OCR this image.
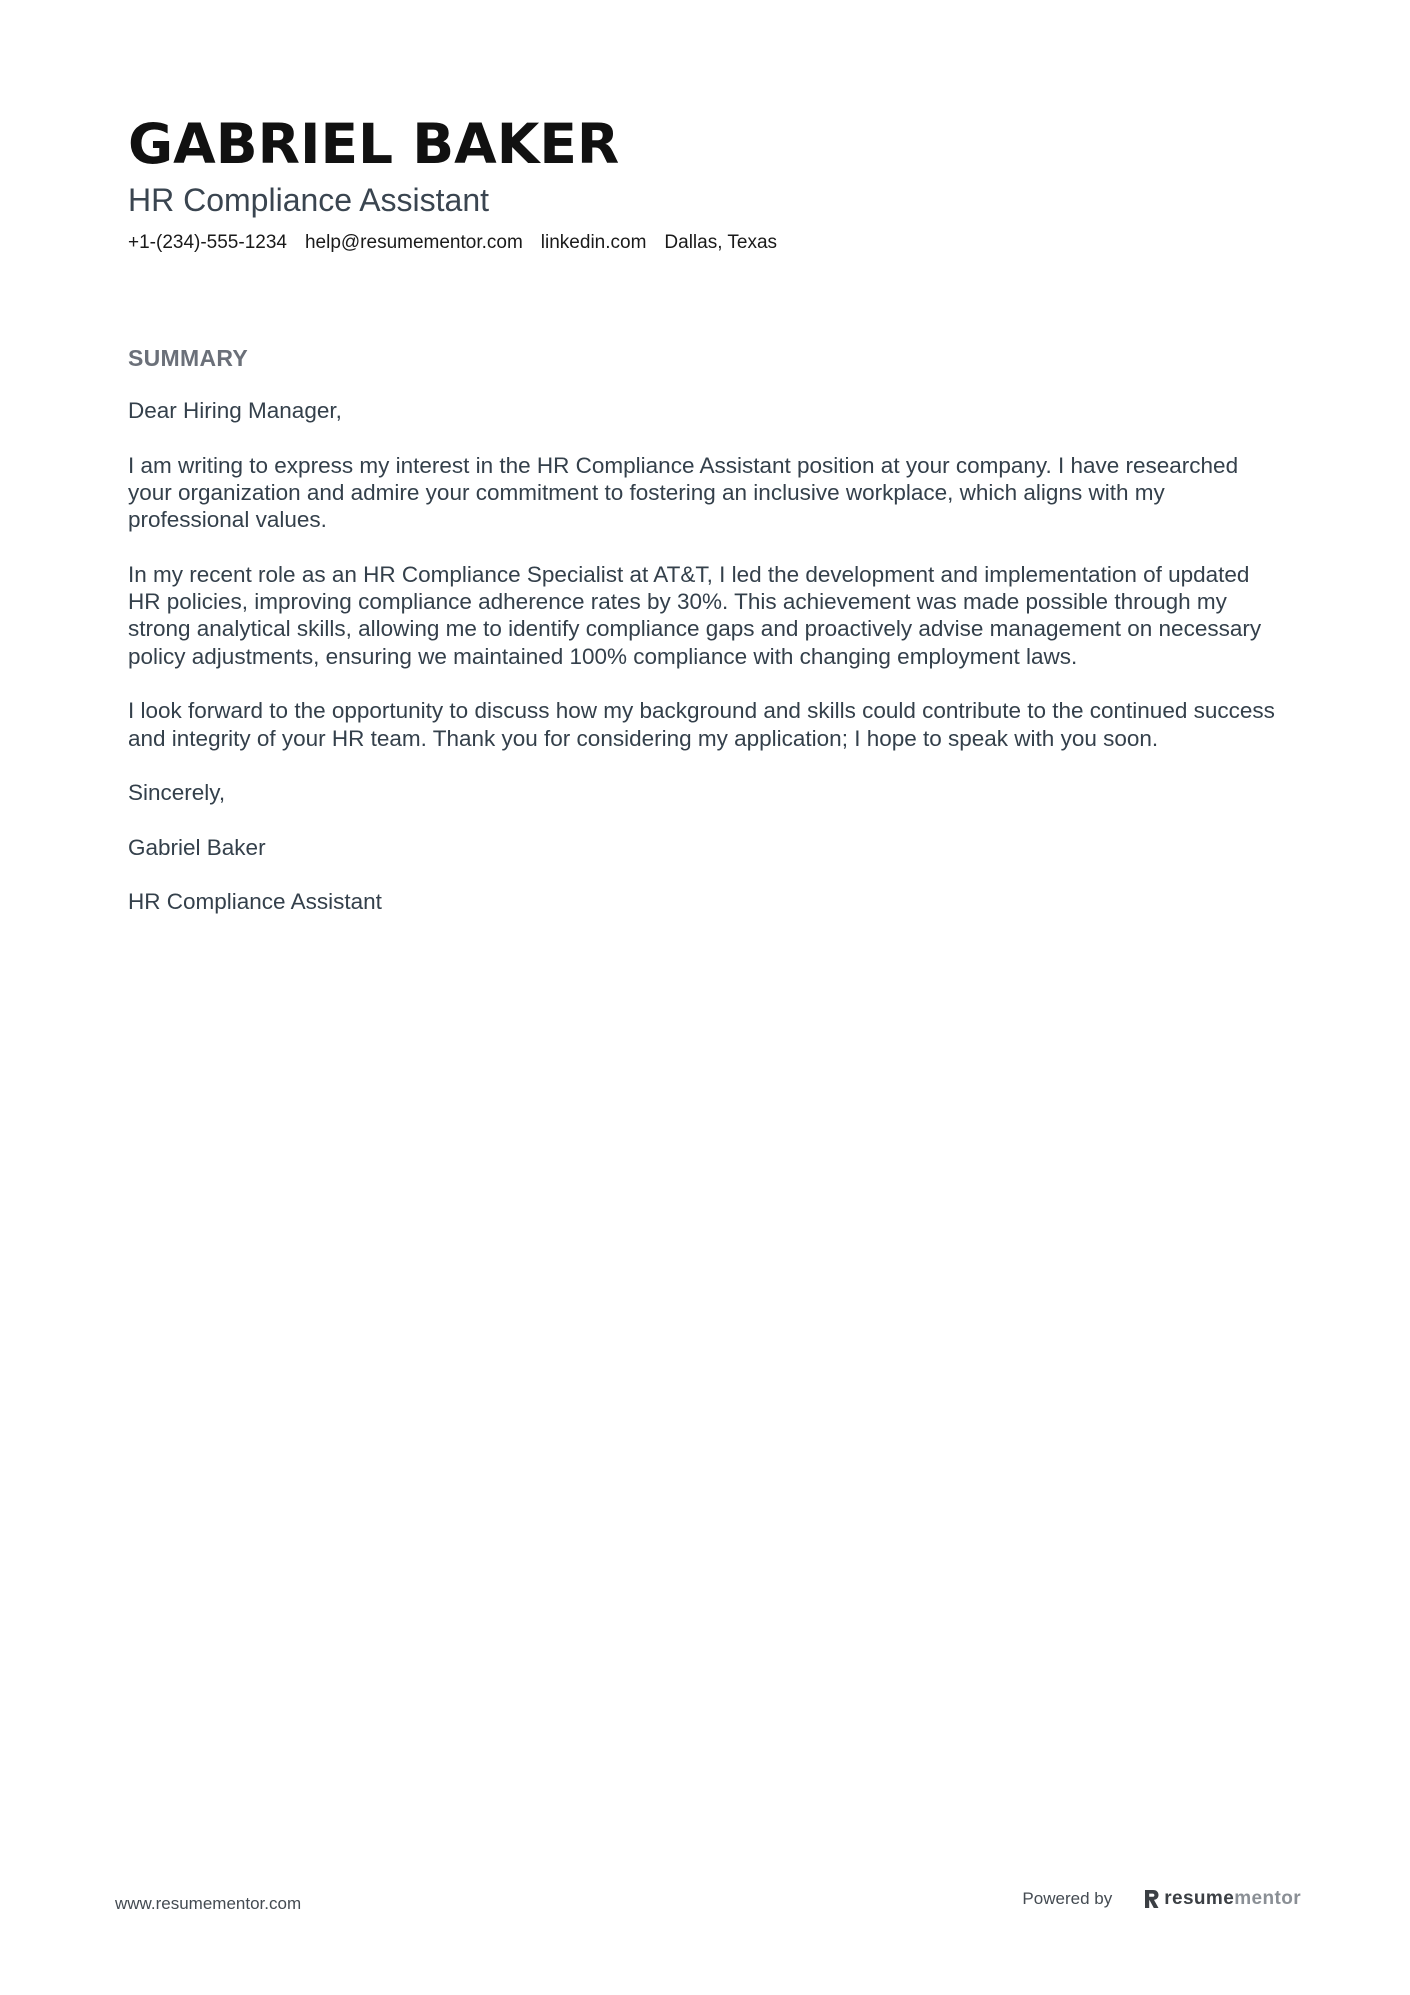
GABRIEL BAKER
HR Compliance Assistant
+1-(234)-555-1234 help@resumementor.com linkedin.com Dallas, Texas
SUMMARY

Dear Hiring Manager,

I am writing to express my interest in the HR Compliance Assistant position at your company. I have researched your organization and admire your commitment to fostering an inclusive workplace, which aligns with my professional values.

In my recent role as an HR Compliance Specialist at AT&T, I led the development and implementation of updated HR policies, improving compliance adherence rates by 30%. This achievement was made possible through my strong analytical skills, allowing me to identify compliance gaps and proactively advise management on necessary policy adjustments, ensuring we maintained 100% compliance with changing employment laws.

I look forward to the opportunity to discuss how my background and skills could contribute to the continued success and integrity of your HR team. Thank you for considering my application; I hope to speak with you soon.

Sincerely,

Gabriel Baker

HR Compliance Assistant

www.resumementor.com	Powered by	resumementor
